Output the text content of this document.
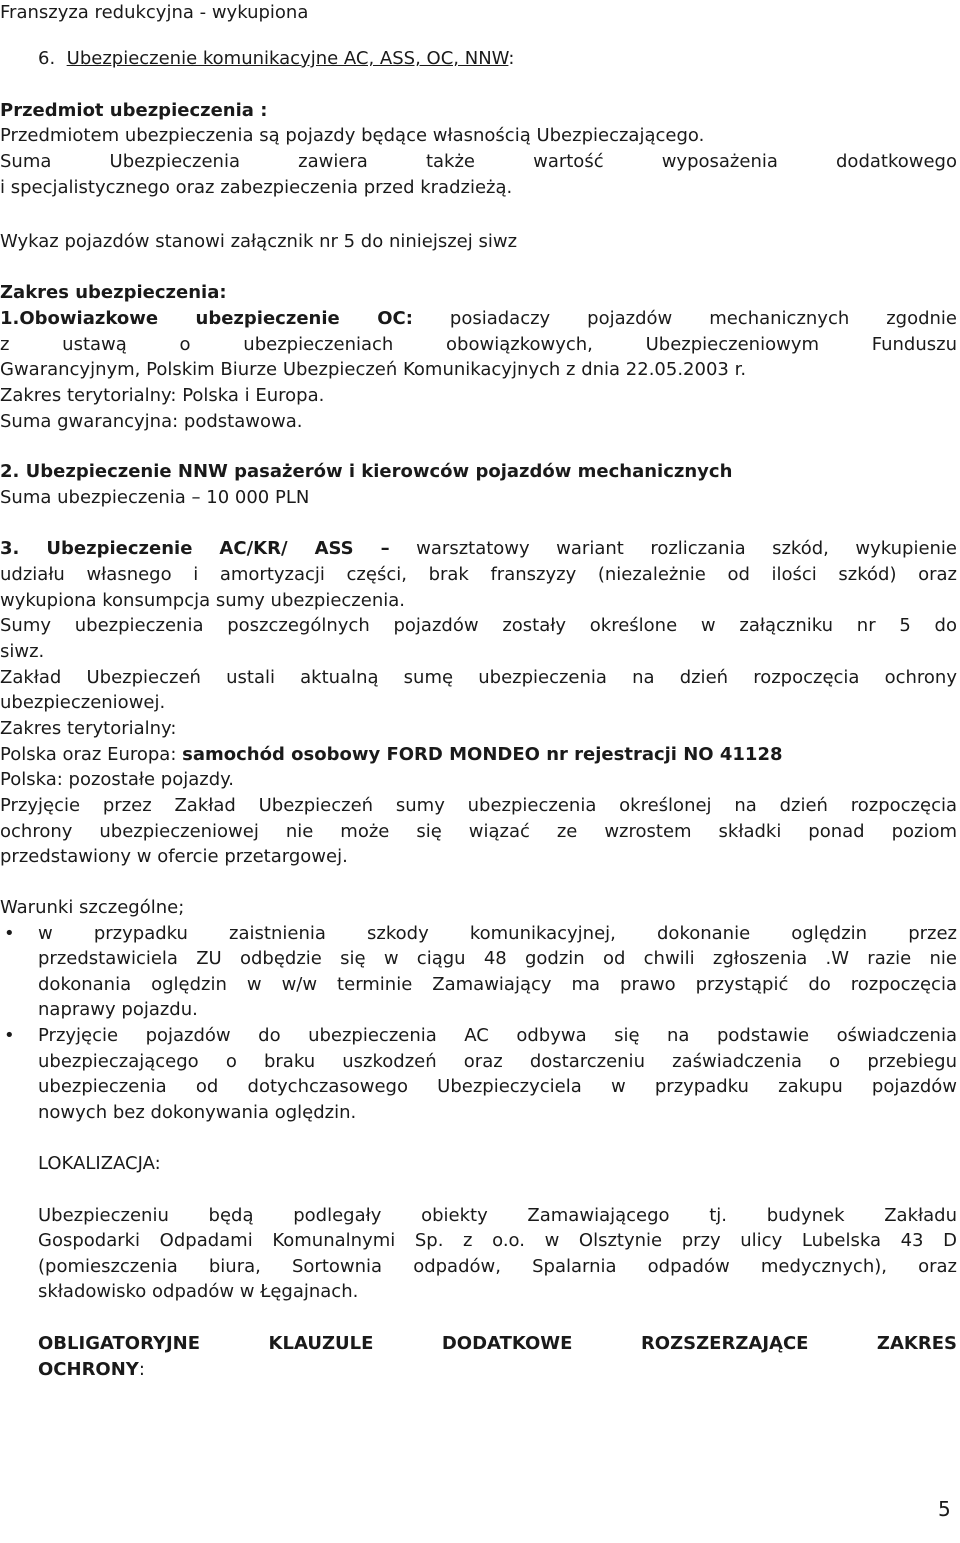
Franszyza redukcyjna - wykupiona
6. Ubezpieczenie komunikacyjne AC, ASS, OC, NNW:
Przedmiot ubezpieczenia :
Przedmiotem ubezpieczenia są pojazdy będące własnością Ubezpieczającego.
Suma Ubezpieczenia zawiera także wartość wyposażenia dodatkowego
i specjalistycznego oraz zabezpieczenia przed kradzieżą.
Wykaz pojazdów stanowi załącznik nr 5 do niniejszej siwz
Zakres ubezpieczenia:
1.Obowiazkowe ubezpieczenie OC: posiadaczy pojazdów mechanicznych zgodnie
z ustawą o ubezpieczeniach obowiązkowych, Ubezpieczeniowym Funduszu
Gwarancyjnym, Polskim Biurze Ubezpieczeń Komunikacyjnych z dnia 22.05.2003 r.
Zakres terytorialny: Polska i Europa.
Suma gwarancyjna: podstawowa.
2. Ubezpieczenie NNW pasażerów i kierowców pojazdów mechanicznych
Suma ubezpieczenia – 10 000 PLN
3. Ubezpieczenie AC/KR/ ASS – warsztatowy wariant rozliczania szkód, wykupienie
udziału własnego i amortyzacji części, brak franszyzy (niezależnie od ilości szkód) oraz
wykupiona konsumpcja sumy ubezpieczenia.
Sumy ubezpieczenia poszczególnych pojazdów zostały określone w załączniku nr 5 do
siwz.
Zakład Ubezpieczeń ustali aktualną sumę ubezpieczenia na dzień rozpoczęcia ochrony
ubezpieczeniowej.
Zakres terytorialny:
Polska oraz Europa: samochód osobowy FORD MONDEO nr rejestracji NO 41128
Polska: pozostałe pojazdy.
Przyjęcie przez Zakład Ubezpieczeń sumy ubezpieczenia określonej na dzień rozpoczęcia
ochrony ubezpieczeniowej nie może się wiązać ze wzrostem składki ponad poziom
przedstawiony w ofercie przetargowej.
Warunki szczególne;
• w przypadku zaistnienia szkody komunikacyjnej, dokonanie oględzin przez
przedstawiciela ZU odbędzie się w ciągu 48 godzin od chwili zgłoszenia .W razie nie
dokonania oględzin w w/w terminie Zamawiający ma prawo przystąpić do rozpoczęcia
naprawy pojazdu.
• Przyjęcie pojazdów do ubezpieczenia AC odbywa się na podstawie oświadczenia
ubezpieczającego o braku uszkodzeń oraz dostarczeniu zaświadczenia o przebiegu
ubezpieczenia od dotychczasowego Ubezpieczyciela w przypadku zakupu pojazdów
nowych bez dokonywania oględzin.
LOKALIZACJA:
Ubezpieczeniu będą podlegały obiekty Zamawiającego tj. budynek Zakładu
Gospodarki Odpadami Komunalnymi Sp. z o.o. w Olsztynie przy ulicy Lubelska 43 D
(pomieszczenia biura, Sortownia odpadów, Spalarnia odpadów medycznych), oraz
składowisko odpadów w Łęgajnach.
OBLIGATORYJNE KLAUZULE DODATKOWE ROZSZERZAJĄCE ZAKRES
OCHRONY:
5
